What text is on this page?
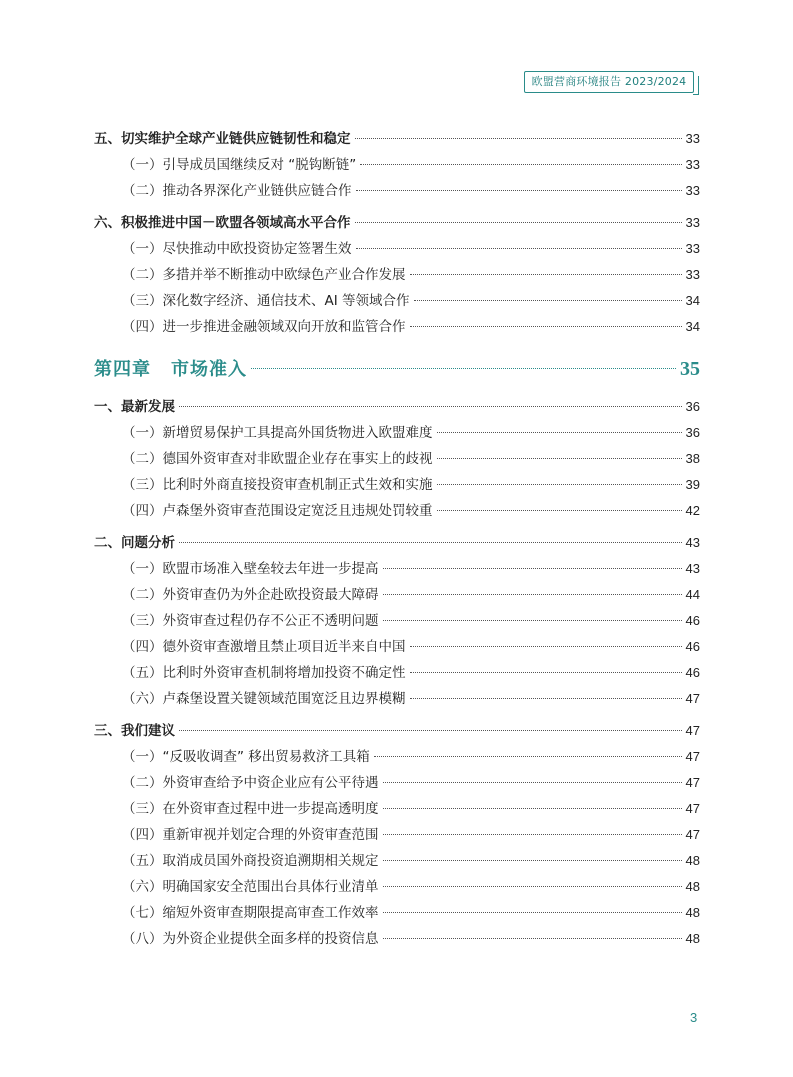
欧盟营商环境报告 2023/2024
五、切实维护全球产业链供应链韧性和稳定	33
（一）引导成员国继续反对 “脱钩断链”	33
（二）推动各界深化产业链供应链合作	33
六、积极推进中国－欧盟各领域高水平合作	33
（一）尽快推动中欧投资协定签署生效	33
（二）多措并举不断推动中欧绿色产业合作发展	33
（三）深化数字经济、通信技术、AI 等领域合作	34
（四）进一步推进金融领域双向开放和监管合作	34
第四章 市场准入	35
一、最新发展	36
（一）新增贸易保护工具提高外国货物进入欧盟难度	36
（二）德国外资审查对非欧盟企业存在事实上的歧视	38
（三）比利时外商直接投资审查机制正式生效和实施	39
（四）卢森堡外资审查范围设定宽泛且违规处罚较重	42
二、问题分析	43
（一）欧盟市场准入壁垒较去年进一步提高	43
（二）外资审查仍为外企赴欧投资最大障碍	44
（三）外资审查过程仍存不公正不透明问题	46
（四）德外资审查激增且禁止项目近半来自中国	46
（五）比利时外资审查机制将增加投资不确定性	46
（六）卢森堡设置关键领域范围宽泛且边界模糊	47
三、我们建议	47
（一）“反吸收调查” 移出贸易救济工具箱	47
（二）外资审查给予中资企业应有公平待遇	47
（三）在外资审查过程中进一步提高透明度	47
（四）重新审视并划定合理的外资审查范围	47
（五）取消成员国外商投资追溯期相关规定	48
（六）明确国家安全范围出台具体行业清单	48
（七）缩短外资审查期限提高审查工作效率	48
（八）为外资企业提供全面多样的投资信息	48
3
